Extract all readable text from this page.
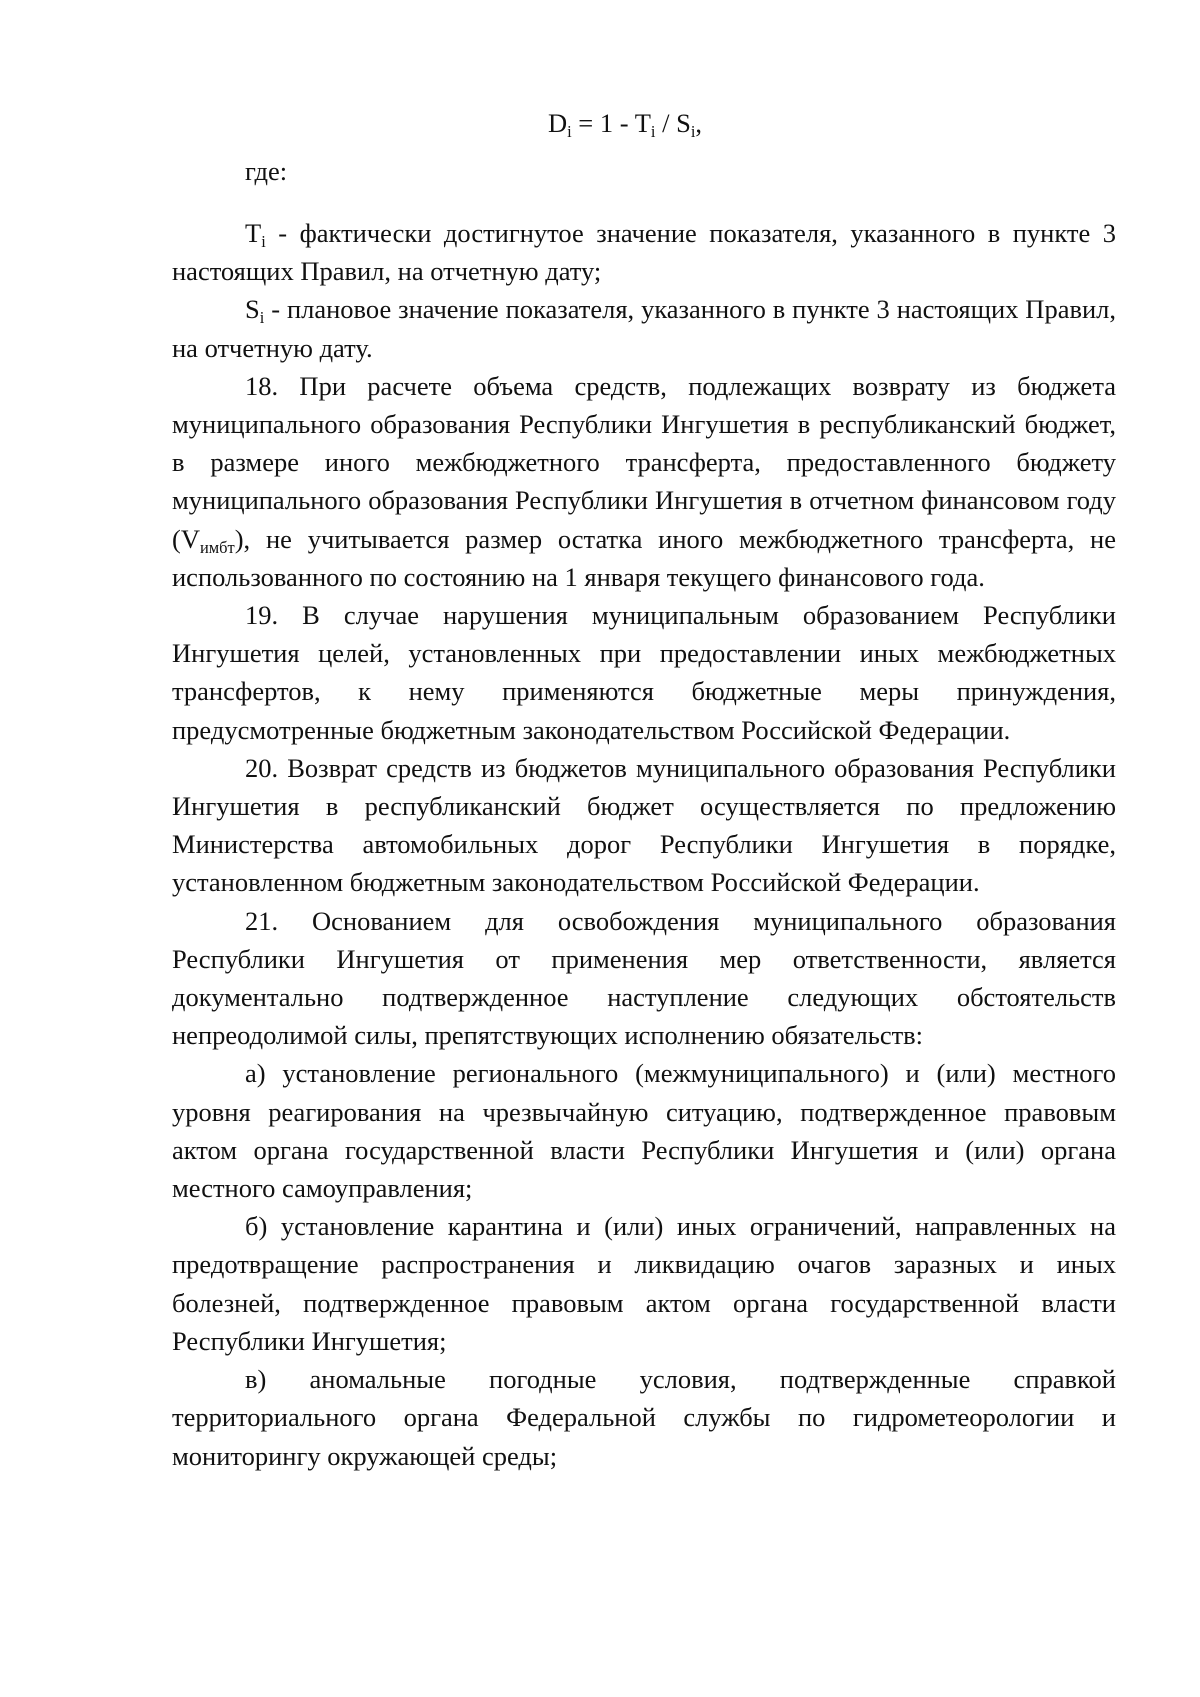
$D_i = 1 - T_i / S_i$,
где:

$T_i$ - фактически достигнутое значение показателя, указанного в пункте 3 настоящих Правил, на отчетную дату;

$S_i$ - плановое значение показателя, указанного в пункте 3 настоящих Правил, на отчетную дату.

18. При расчете объема средств, подлежащих возврату из бюджета муниципального образования Республики Ингушетия в республиканский бюджет, в размере иного межбюджетного трансферта, предоставленного бюджету муниципального образования Республики Ингушетия в отчетном финансовом году $(V_{имбт})$, не учитывается размер остатка иного межбюджетного трансферта, не использованного по состоянию на 1 января текущего финансового года.

19. В случае нарушения муниципальным образованием Республики Ингушетия целей, установленных при предоставлении иных межбюджетных трансфертов, к нему применяются бюджетные меры принуждения, предусмотренные бюджетным законодательством Российской Федерации.

20. Возврат средств из бюджетов муниципального образования Республики Ингушетия в республиканский бюджет осуществляется по предложению Министерства автомобильных дорог Республики Ингушетия в порядке, установленном бюджетным законодательством Российской Федерации.

21. Основанием для освобождения муниципального образования Республики Ингушетия от применения мер ответственности, является документально подтвержденное наступление следующих обстоятельств непреодолимой силы, препятствующих исполнению обязательств:

а) установление регионального (межмуниципального) и (или) местного уровня реагирования на чрезвычайную ситуацию, подтвержденное правовым актом органа государственной власти Республики Ингушетия и (или) органа местного самоуправления;

б) установление карантина и (или) иных ограничений, направленных на предотвращение распространения и ликвидацию очагов заразных и иных болезней, подтвержденное правовым актом органа государственной власти Республики Ингушетия;

в) аномальные погодные условия, подтвержденные справкой территориального органа Федеральной службы по гидрометеорологии и мониторингу окружающей среды;
